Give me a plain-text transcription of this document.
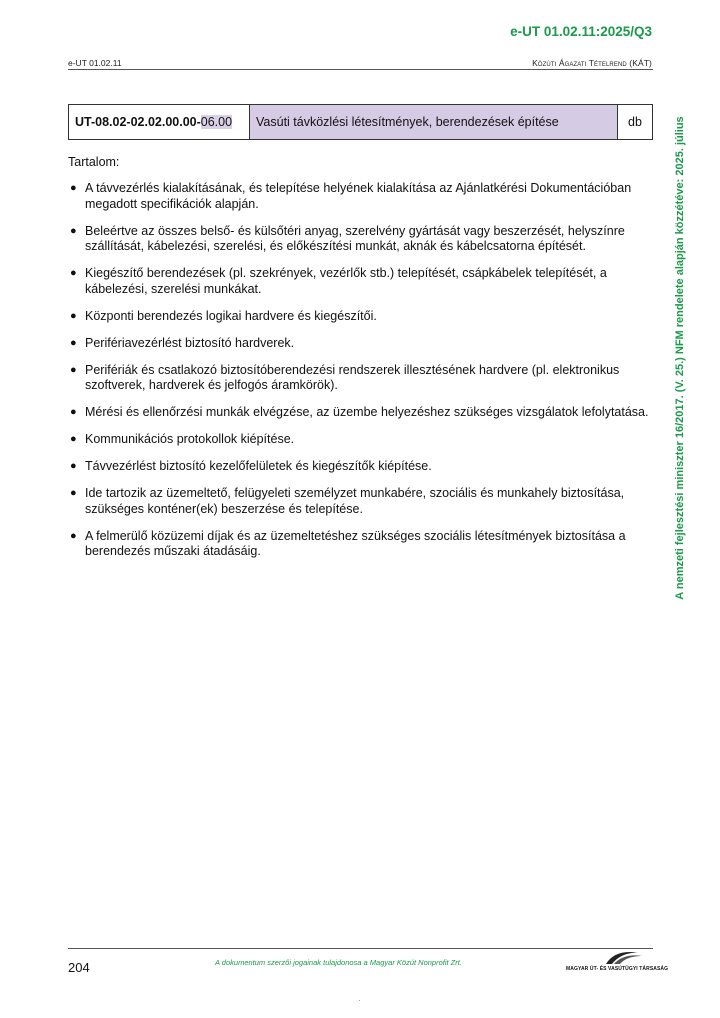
e-UT 01.02.11:2025/Q3
e-UT 01.02.11	Közúti Ágazati Tételrend (KÁT)
A nemzeti fejlesztési miniszter 16/2017. (V. 25.) NFM rendelete alapján közzétéve: 2025. július
UT-08.02-02.02.00.00-06.00	Vasúti távközlési létesítmények, berendezések építése	db
Tartalom:
● A távvezérlés kialakításának, és telepítése helyének kialakítása az Ajánlatkérési Dokumentációban megadott specifikációk alapján.
● Beleértve az összes belső- és külsőtéri anyag, szerelvény gyártását vagy beszerzését, helyszínre szállítását, kábelezési, szerelési, és előkészítési munkát, aknák és kábelcsatorna építését.
● Kiegészítő berendezések (pl. szekrények, vezérlők stb.) telepítését, csápkábelek telepítését, a kábelezési, szerelési munkákat.
● Központi berendezés logikai hardvere és kiegészítői.
● Perifériavezérlést biztosító hardverek.
● Perifériák és csatlakozó biztosítóberendezési rendszerek illesztésének hardvere (pl. elektronikus szoftverek, hardverek és jelfogós áramkörök).
● Mérési és ellenőrzési munkák elvégzése, az üzembe helyezéshez szükséges vizsgálatok lefolytatása.
● Kommunikációs protokollok kiépítése.
● Távvezérlést biztosító kezelőfelületek és kiegészítők kiépítése.
● Ide tartozik az üzemeltető, felügyeleti személyzet munkabére, szociális és munkahely biztosítása, szükséges konténer(ek) beszerzése és telepítése.
● A felmerülő közüzemi díjak és az üzemeltetéshez szükséges szociális létesítmények biztosítása a berendezés műszaki átadásáig.
204	A dokumentum szerzői jogainak tulajdonosa a Magyar Közút Nonprofit Zrt.
MAGYAR ÚT- ÉS VASÚTÜGYI TÁRSASÁG
·
